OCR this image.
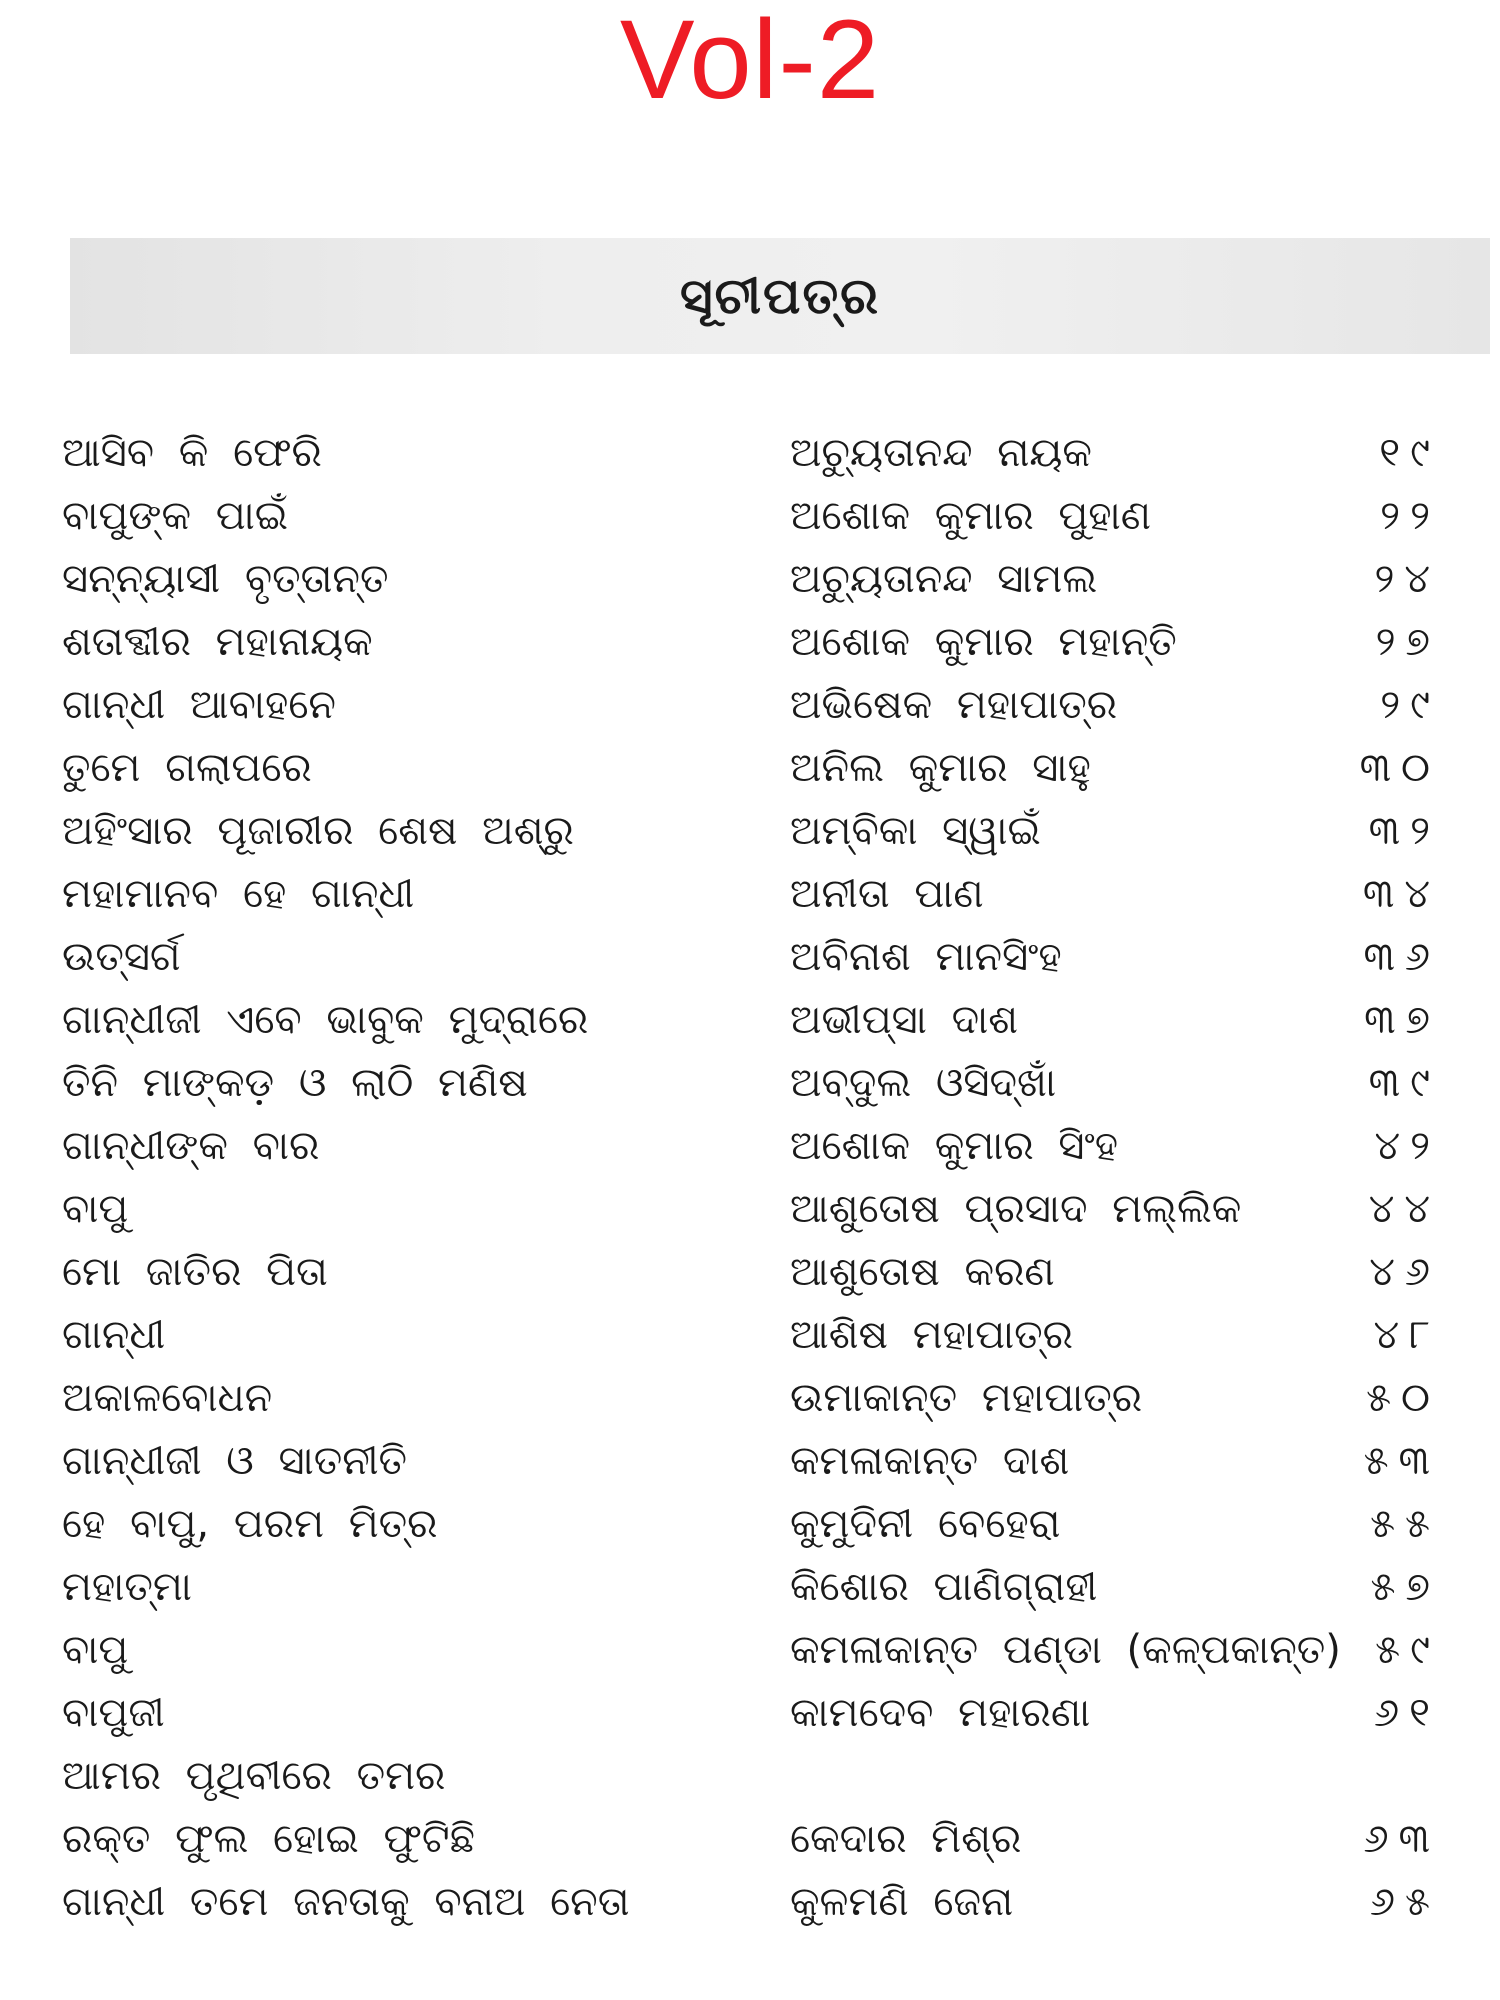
Vol-2
ସୂଚୀପତ୍ର
ଆସିବ କି ଫେରି	ଅଚ୍ୟୁତାନନ୍ଦ ନାୟକ	୧୯
ବାପୁଙ୍କ ପାଇଁ	ଅଶୋକ କୁମାର ପୁହାଣ	୨୨
ସନ୍ନ୍ୟାସୀ ବୃତ୍ତାନ୍ତ	ଅଚ୍ୟୁତାନନ୍ଦ ସାମଲ	୨୪
ଶତାବ୍ଦୀର ମହାନାୟକ	ଅଶୋକ କୁମାର ମହାନ୍ତି	୨୭
ଗାନ୍ଧୀ ଆବାହନେ	ଅଭିଷେକ ମହାପାତ୍ର	୨୯
ତୁମେ ଗଲାପରେ	ଅନିଲ କୁମାର ସାହୁ	୩୦
ଅହିଂସାର ପୂଜାରୀର ଶେଷ ଅଶ୍ରୁ	ଅମ୍ବିକା ସ୍ୱାଇଁ	୩୨
ମହାମାନବ ହେ ଗାନ୍ଧୀ	ଅନୀତା ପାଣ	୩୪
ଉତ୍ସର୍ଗ	ଅବିନାଶ ମାନସିଂହ	୩୬
ଗାନ୍ଧୀଜୀ ଏବେ ଭାବୁକ ମୁଦ୍ରାରେ	ଅଭୀପ୍ସା ଦାଶ	୩୭
ତିନି ମାଙ୍କଡ଼ ଓ ଲାଠି ମଣିଷ	ଅବ୍‌ଦୁଲ ଓସିଦ୍‌ଖାଁ	୩୯
ଗାନ୍ଧୀଙ୍କ ବାର	ଅଶୋକ କୁମାର ସିଂହ	୪୨
ବାପୁ	ଆଶୁତୋଷ ପ୍ରସାଦ ମଲ୍ଲିକ	୪୪
ମୋ ଜାତିର ପିତା	ଆଶୁତୋଷ କରଣ	୪୬
ଗାନ୍ଧୀ	ଆଶିଷ ମହାପାତ୍ର	୪୮
ଅକାଳବୋଧନ	ଉମାକାନ୍ତ ମହାପାତ୍ର	୫୦
ଗାନ୍ଧୀଜୀ ଓ ସାତନୀତି	କମଳାକାନ୍ତ ଦାଶ	୫୩
ହେ ବାପୁ, ପରମ ମିତ୍ର	କୁମୁଦିନୀ ବେହେରା	୫୫
ମହାତ୍ମା	କିଶୋର ପାଣିଗ୍ରାହୀ	୫୭
ବାପୁ	କମଳାକାନ୍ତ ପଣ୍ଡା (କଳ୍ପକାନ୍ତ) ୫୯
ବାପୁଜୀ	କାମଦେବ ମହାରଣା	୬୧
ଆମର ପୃଥିବୀରେ ତମର
ରକ୍ତ ଫୁଲ ହୋଇ ଫୁଟିଛି	କେଦାର ମିଶ୍ର	୬୩
ଗାନ୍ଧୀ ତମେ ଜନତାକୁ ବନାଅ ନେତା	କୁଳମଣି ଜେନା	୬୫
